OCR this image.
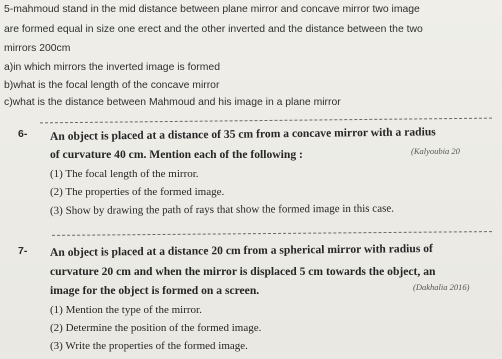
5-mahmoud stand in the mid distance between plane mirror and concave mirror two image
are formed equal in size one erect and the other inverted and the distance between the two
mirrors 200cm
a)in which mirrors the inverted image is formed
b)what is the focal length of the concave mirror
c)what is the distance between Mahmoud and his image in a plane mirror
6- An object is placed at a distance of 35 cm from a concave mirror with a radius
of curvature 40 cm. Mention each of the following :	(Kalyoubia 20
(1) The focal length of the mirror.
(2) The properties of the formed image.
(3) Show by drawing the path of rays that show the formed image in this case.
7- An object is placed at a distance 20 cm from a spherical mirror with radius of
curvature 20 cm and when the mirror is displaced 5 cm towards the object, an
image for the object is formed on a screen.	(Dakhalia 2016)
(1) Mention the type of the mirror.
(2) Determine the position of the formed image.
(3) Write the properties of the formed image.
